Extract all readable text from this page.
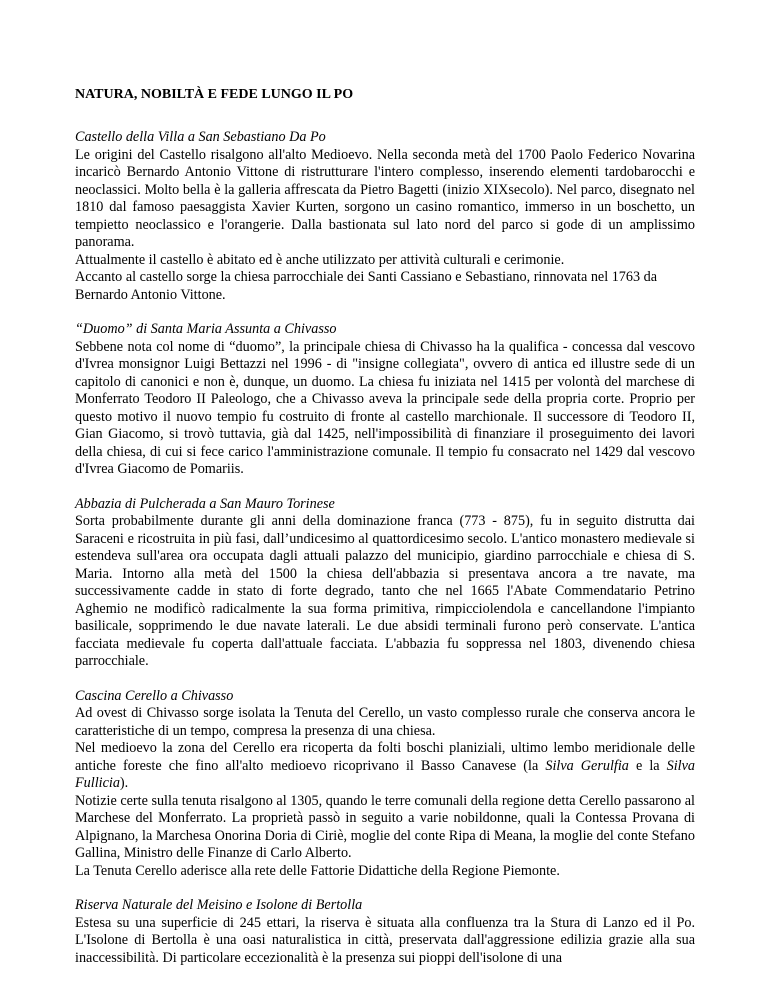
NATURA, NOBILTÀ E FEDE LUNGO IL PO
Castello della Villa a San Sebastiano Da Po

Le origini del Castello risalgono all'alto Medioevo. Nella seconda metà del 1700 Paolo Federico Novarina incaricò Bernardo Antonio Vittone di ristrutturare l'intero complesso, inserendo elementi tardobarocchi e neoclassici. Molto bella è la galleria affrescata da Pietro Bagetti (inizio XIXsecolo). Nel parco, disegnato nel 1810 dal famoso paesaggista Xavier Kurten, sorgono un casino romantico, immerso in un boschetto, un tempietto neoclassico e l'orangerie. Dalla bastionata sul lato nord del parco si gode di un amplissimo panorama.

Attualmente il castello è abitato ed è anche utilizzato per attività culturali e cerimonie.

Accanto al castello sorge la chiesa parrocchiale dei Santi Cassiano e Sebastiano, rinnovata nel 1763 da Bernardo Antonio Vittone.

“Duomo” di Santa Maria Assunta a Chivasso

Sebbene nota col nome di “duomo”, la principale chiesa di Chivasso ha la qualifica - concessa dal vescovo d'Ivrea monsignor Luigi Bettazzi nel 1996 - di "insigne collegiata", ovvero di antica ed illustre sede di un capitolo di canonici e non è, dunque, un duomo. La chiesa fu iniziata nel 1415 per volontà del marchese di Monferrato Teodoro II Paleologo, che a Chivasso aveva la principale sede della propria corte. Proprio per questo motivo il nuovo tempio fu costruito di fronte al castello marchionale. Il successore di Teodoro II, Gian Giacomo, si trovò tuttavia, già dal 1425, nell'impossibilità di finanziare il proseguimento dei lavori della chiesa, di cui si fece carico l'amministrazione comunale. Il tempio fu consacrato nel 1429 dal vescovo d'Ivrea Giacomo de Pomariis.

Abbazia di Pulcherada a San Mauro Torinese

Sorta probabilmente durante gli anni della dominazione franca (773 - 875), fu in seguito distrutta dai Saraceni e ricostruita in più fasi, dall’undicesimo al quattordicesimo secolo. L'antico monastero medievale si estendeva sull'area ora occupata dagli attuali palazzo del municipio, giardino parrocchiale e chiesa di S. Maria. Intorno alla metà del 1500 la chiesa dell'abbazia si presentava ancora a tre navate, ma successivamente cadde in stato di forte degrado, tanto che nel 1665 l'Abate Commendatario Petrino Aghemio ne modificò radicalmente la sua forma primitiva, rimpicciolendola e cancellandone l'impianto basilicale, sopprimendo le due navate laterali. Le due absidi terminali furono però conservate. L'antica facciata medievale fu coperta dall'attuale facciata. L'abbazia fu soppressa nel 1803, divenendo chiesa parrocchiale.

Cascina Cerello a Chivasso

Ad ovest di Chivasso sorge isolata la Tenuta del Cerello, un vasto complesso rurale che conserva ancora le caratteristiche di un tempo, compresa la presenza di una chiesa.

Nel medioevo la zona del Cerello era ricoperta da folti boschi planiziali, ultimo lembo meridionale delle antiche foreste che fino all'alto medioevo ricoprivano il Basso Canavese (la Silva Gerulfia e la Silva Fullicia).

Notizie certe sulla tenuta risalgono al 1305, quando le terre comunali della regione detta Cerello passarono al Marchese del Monferrato. La proprietà passò in seguito a varie nobildonne, quali la Contessa Provana di Alpignano, la Marchesa Onorina Doria di Ciriè, moglie del conte Ripa di Meana, la moglie del conte Stefano Gallina, Ministro delle Finanze di Carlo Alberto.

La Tenuta Cerello aderisce alla rete delle Fattorie Didattiche della Regione Piemonte.

Riserva Naturale del Meisino e Isolone di Bertolla

Estesa su una superficie di 245 ettari, la riserva è situata alla confluenza tra la Stura di Lanzo ed il Po. L'Isolone di Bertolla è una oasi naturalistica in città, preservata dall'aggressione edilizia grazie alla sua inaccessibilità. Di particolare eccezionalità è la presenza sui pioppi dell'isolone di una
